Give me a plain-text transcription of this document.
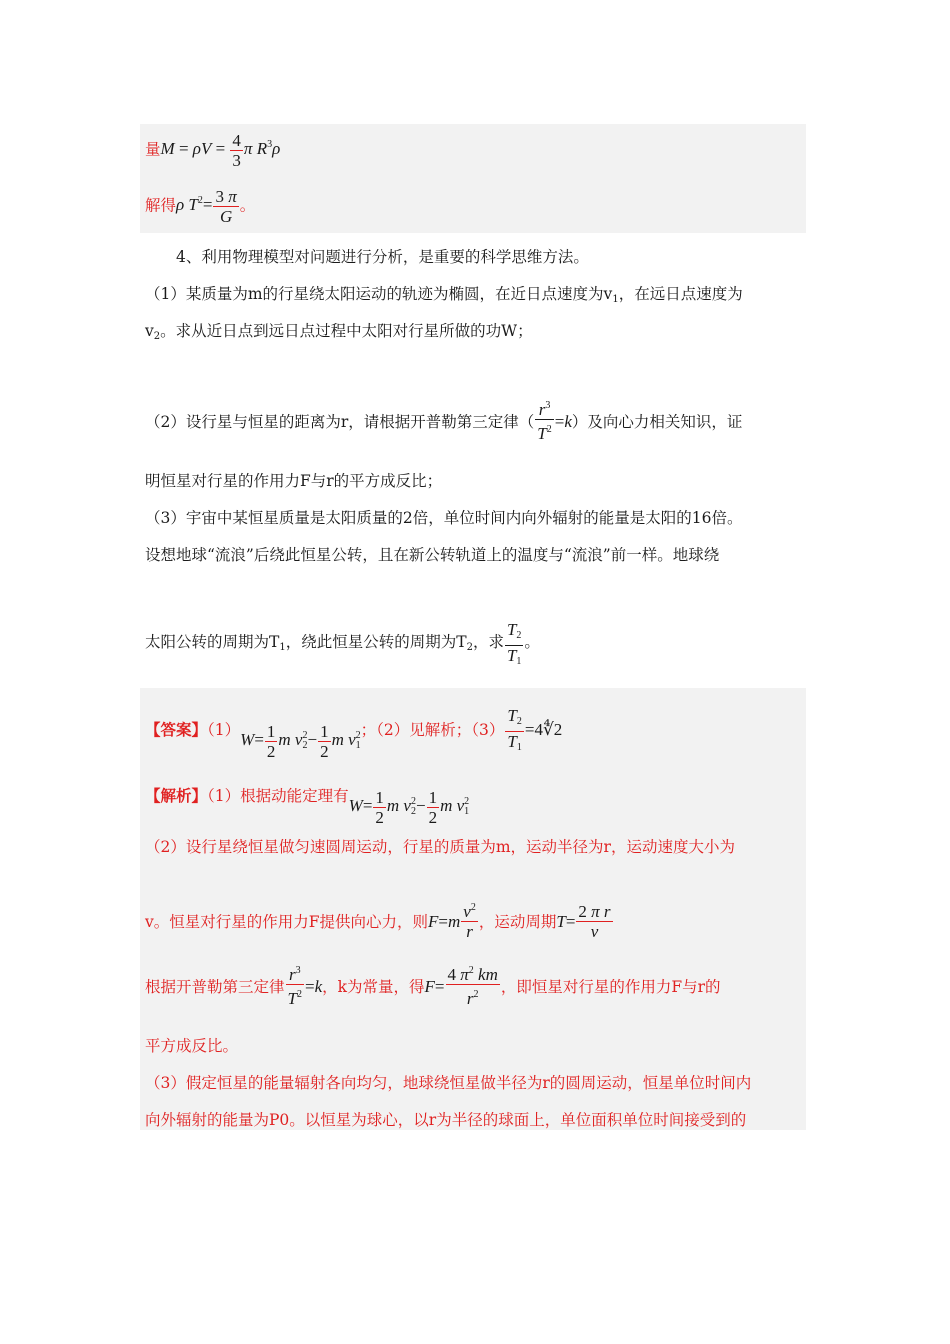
量$M = \rho V = \frac{4}{3}$ π $R^3\rho$
解得ρ $T^2= \frac{3 \pi}{G}$ 。
4、利用物理模型对问题进行分析，是重要的科学思维方法。
（1）某质量为m的行星绕太阳运动的轨迹为椭圆，在近日点速度为$v_1$，在远日点速度为
$v_2$。求从近日点到远日点过程中太阳对行星所做的功W；
（2）设行星与恒星的距离为r，请根据开普勒第三定律（ $\frac{r^3}{T^2} =k$）及向心力相关知识，证
明恒星对行星的作用力F与r的平方成反比；
（3）宇宙中某恒星质量是太阳质量的2倍，单位时间内向外辐射的能量是太阳的16倍。
设想地球“流浪”后绕此恒星公转，且在新公转轨道上的温度与“流浪”前一样。地球绕
太阳公转的周期为$T_1$，绕此恒星公转的周期为$T_2$，求 $\frac{T_2}{T_1}$ 。
【答案】$(1)W= \frac{1}{2}$ m $v_2^2- \frac{1}{2}$ m $v_1^2$；（2）见解析；$(3) \frac{T_2}{T_1}$ =4∜2
【解析】（1）根据动能定理有$W= \frac{1}{2}$ m $v_2^2- \frac{1}{2}$ m $v_1^2$
（2）设行星绕恒星做匀速圆周运动，行星的质量为m，运动半径为r，运动速度大小为
v。恒星对行星的作用力F提供向心力，则$F=m \frac{v^2}{r}$ ，运动周期$T= \frac{\text{2 π r}}{v}$
根据开普勒第三定律 $\frac{r^3}{T^2} =k$，k为常量，得$F= \frac{4 \pi^2 km}{r^2}$ ，即恒星对行星的作用力F与r的
平方成反比。
（3）假定恒星的能量辐射各向均匀，地球绕恒星做半径为r的圆周运动，恒星单位时间内
向外辐射的能量为P0。以恒星为球心，以r为半径的球面上，单位面积单位时间接受到的
